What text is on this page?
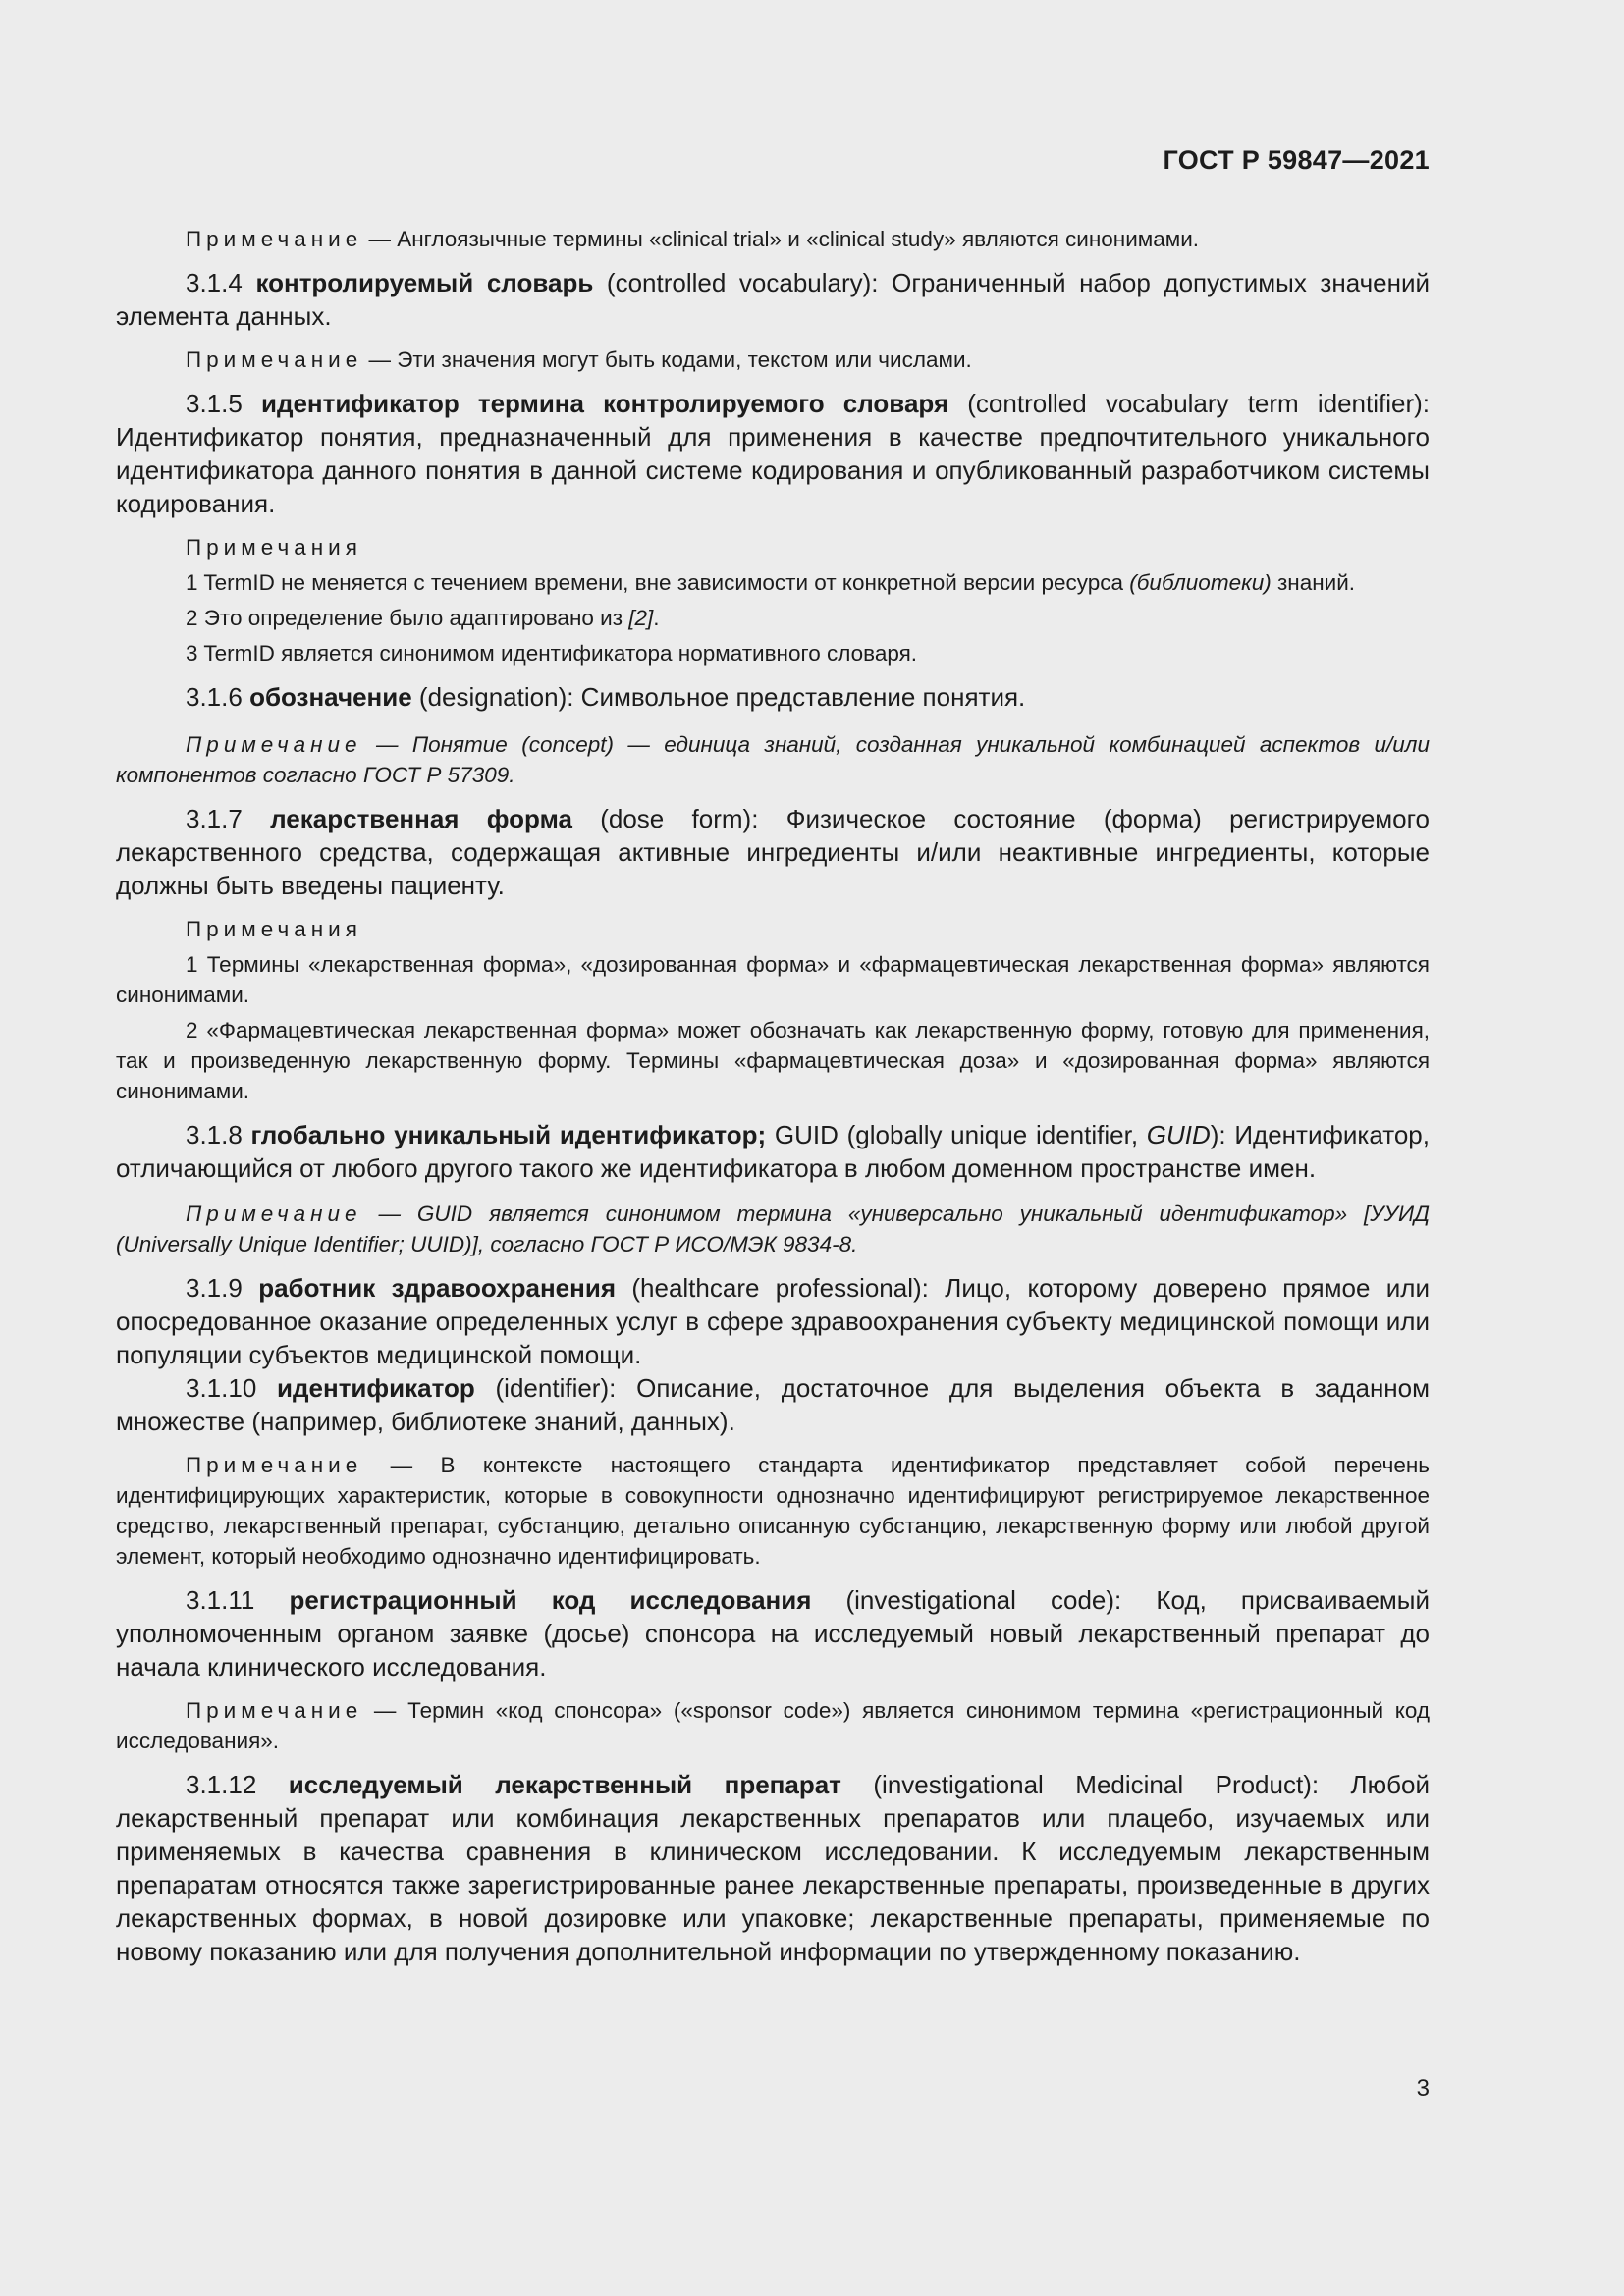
ГОСТ Р 59847—2021

Примечание — Англоязычные термины «clinical trial» и «clinical study» являются синонимами.

3.1.4 контролируемый словарь (controlled vocabulary): Ограниченный набор допустимых значений элемента данных.

Примечание — Эти значения могут быть кодами, текстом или числами.

3.1.5 идентификатор термина контролируемого словаря (controlled vocabulary term identifier): Идентификатор понятия, предназначенный для применения в качестве предпочтительного уникального идентификатора данного понятия в данной системе кодирования и опубликованный разработчиком системы кодирования.

Примечания

1 TermID не меняется с течением времени, вне зависимости от конкретной версии ресурса (библиотеки) знаний.

2 Это определение было адаптировано из [2].

3 TermID является синонимом идентификатора нормативного словаря.

3.1.6 обозначение (designation): Символьное представление понятия.

Примечание — Понятие (concept) — единица знаний, созданная уникальной комбинацией аспектов и/или компонентов согласно ГОСТ Р 57309.

3.1.7 лекарственная форма (dose form): Физическое состояние (форма) регистрируемого лекарственного средства, содержащая активные ингредиенты и/или неактивные ингредиенты, которые должны быть введены пациенту.

Примечания

1 Термины «лекарственная форма», «дозированная форма» и «фармацевтическая лекарственная форма» являются синонимами.

2 «Фармацевтическая лекарственная форма» может обозначать как лекарственную форму, готовую для применения, так и произведенную лекарственную форму. Термины «фармацевтическая доза» и «дозированная форма» являются синонимами.

3.1.8 глобально уникальный идентификатор; GUID (globally unique identifier, GUID): Идентификатор, отличающийся от любого другого такого же идентификатора в любом доменном пространстве имен.

Примечание — GUID является синонимом термина «универсально уникальный идентификатор» [УУИД (Universally Unique Identifier; UUID)], согласно ГОСТ Р ИСО/МЭК 9834-8.

3.1.9 работник здравоохранения (healthcare professional): Лицо, которому доверено прямое или опосредованное оказание определенных услуг в сфере здравоохранения субъекту медицинской помощи или популяции субъектов медицинской помощи.

3.1.10 идентификатор (identifier): Описание, достаточное для выделения объекта в заданном множестве (например, библиотеке знаний, данных).

Примечание — В контексте настоящего стандарта идентификатор представляет собой перечень идентифицирующих характеристик, которые в совокупности однозначно идентифицируют регистрируемое лекарственное средство, лекарственный препарат, субстанцию, детально описанную субстанцию, лекарственную форму или любой другой элемент, который необходимо однозначно идентифицировать.

3.1.11 регистрационный код исследования (investigational code): Код, присваиваемый уполномоченным органом заявке (досье) спонсора на исследуемый новый лекарственный препарат до начала клинического исследования.

Примечание — Термин «код спонсора» («sponsor code») является синонимом термина «регистрационный код исследования».

3.1.12 исследуемый лекарственный препарат (investigational Medicinal Product): Любой лекарственный препарат или комбинация лекарственных препаратов или плацебо, изучаемых или применяемых в качества сравнения в клиническом исследовании. К исследуемым лекарственным препаратам относятся также зарегистрированные ранее лекарственные препараты, произведенные в других лекарственных формах, в новой дозировке или упаковке; лекарственные препараты, применяемые по новому показанию или для получения дополнительной информации по утвержденному показанию.

3
